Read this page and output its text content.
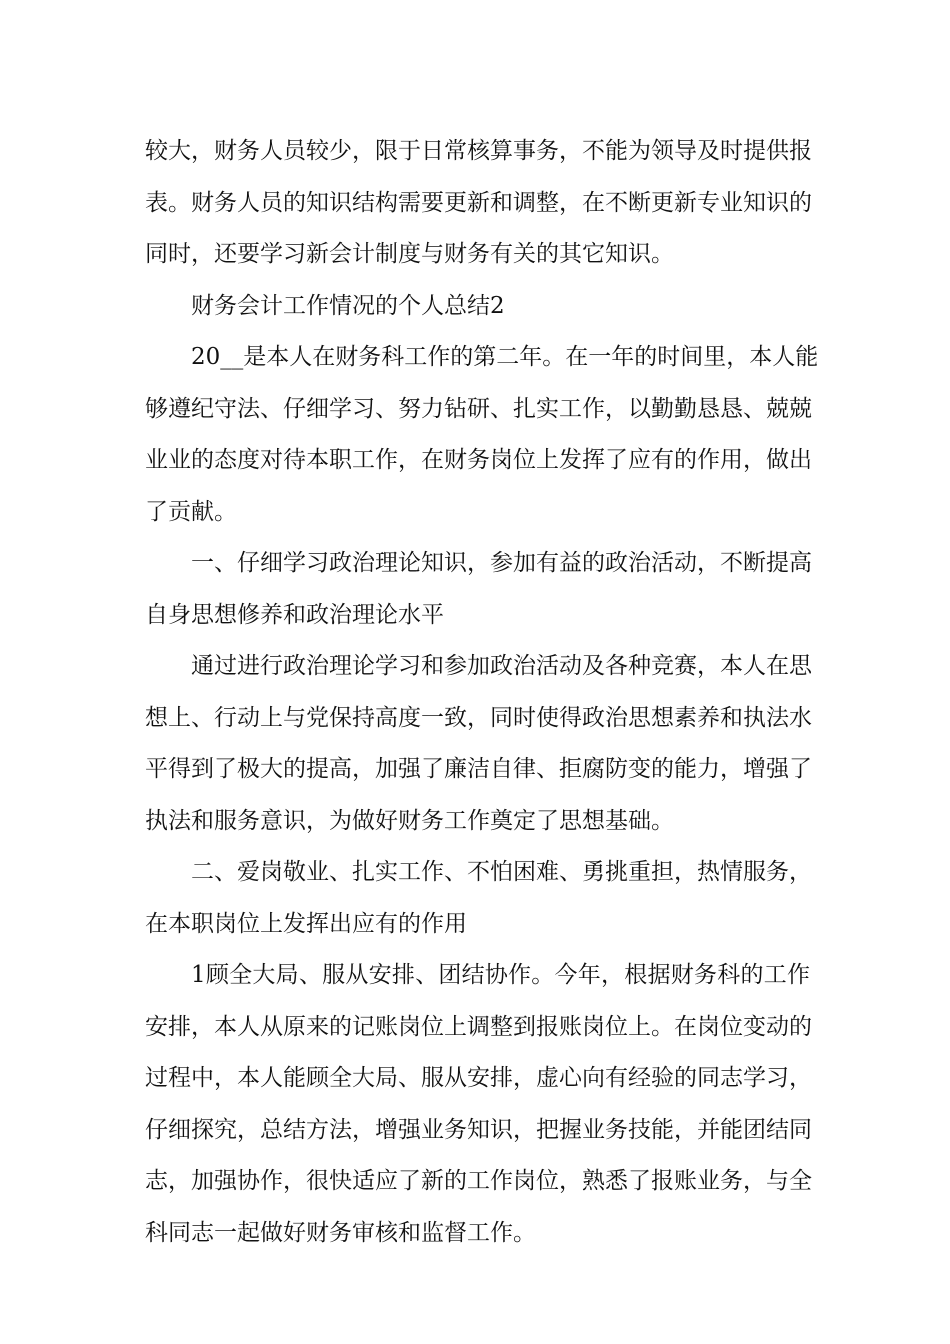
较大，财务人员较少，限于日常核算事务，不能为领导及时提供报
表。财务人员的知识结构需要更新和调整，在不断更新专业知识的
同时，还要学习新会计制度与财务有关的其它知识。
财务会计工作情况的个人总结2
20__是本人在财务科工作的第二年。在一年的时间里，本人能
够遵纪守法、仔细学习、努力钻研、扎实工作，以勤勤恳恳、兢兢
业业的态度对待本职工作，在财务岗位上发挥了应有的作用，做出
了贡献。
一、仔细学习政治理论知识，参加有益的政治活动，不断提高
自身思想修养和政治理论水平
通过进行政治理论学习和参加政治活动及各种竞赛，本人在思
想上、行动上与党保持高度一致，同时使得政治思想素养和执法水
平得到了极大的提高，加强了廉洁自律、拒腐防变的能力，增强了
执法和服务意识，为做好财务工作奠定了思想基础。
二、爱岗敬业、扎实工作、不怕困难、勇挑重担，热情服务，
在本职岗位上发挥出应有的作用
1顾全大局、服从安排、团结协作。今年，根据财务科的工作
安排，本人从原来的记账岗位上调整到报账岗位上。在岗位变动的
过程中，本人能顾全大局、服从安排，虚心向有经验的同志学习，
仔细探究，总结方法，增强业务知识，把握业务技能，并能团结同
志，加强协作，很快适应了新的工作岗位，熟悉了报账业务，与全
科同志一起做好财务审核和监督工作。
